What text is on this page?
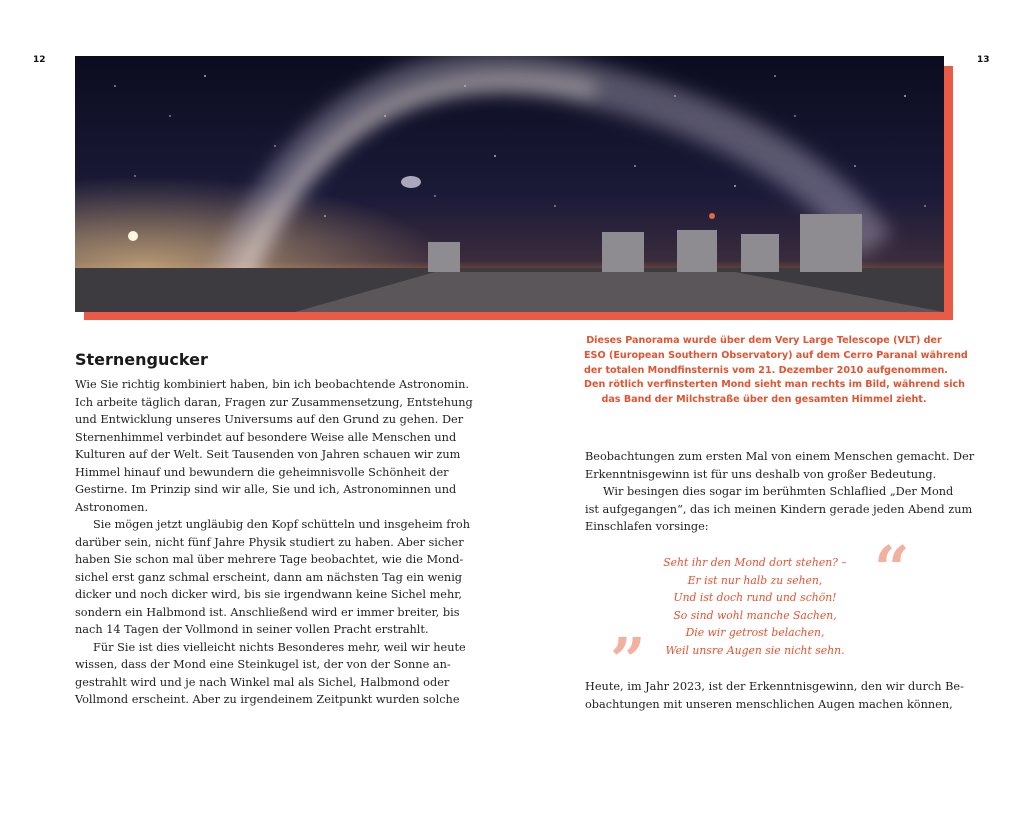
12	13
Dieses Panorama wurde über dem Very Large Telescope (VLT) der
ESO (European Southern Observatory) auf dem Cerro Paranal während
der totalen Mondfinsternis vom 21. Dezember 2010 aufgenommen.
Den rötlich verfinsterten Mond sieht man rechts im Bild, während sich
das Band der Milchstraße über den gesamten Himmel zieht.
Sternengucker
Wie Sie richtig kombiniert haben, bin ich beobachtende Astronomin.
Ich arbeite täglich daran, Fragen zur Zusammensetzung, Entstehung
und Entwicklung unseres Universums auf den Grund zu gehen. Der
Sternenhimmel verbindet auf besondere Weise alle Menschen und
Kulturen auf der Welt. Seit Tausenden von Jahren schauen wir zum
Himmel hinauf und bewundern die geheimnisvolle Schönheit der
Gestirne. Im Prinzip sind wir alle, Sie und ich, Astronominnen und
Astronomen.
Sie mögen jetzt ungläubig den Kopf schütteln und insgeheim froh
darüber sein, nicht fünf Jahre Physik studiert zu haben. Aber sicher
haben Sie schon mal über mehrere Tage beobachtet, wie die Mond-
sichel erst ganz schmal erscheint, dann am nächsten Tag ein wenig
dicker und noch dicker wird, bis sie irgendwann keine Sichel mehr,
sondern ein Halbmond ist. Anschließend wird er immer breiter, bis
nach 14 Tagen der Vollmond in seiner vollen Pracht erstrahlt.
Für Sie ist dies vielleicht nichts Besonderes mehr, weil wir heute
wissen, dass der Mond eine Steinkugel ist, der von der Sonne an-
gestrahlt wird und je nach Winkel mal als Sichel, Halbmond oder
Vollmond erscheint. Aber zu irgendeinem Zeitpunkt wurden solche
Beobachtungen zum ersten Mal von einem Menschen gemacht. Der
Erkenntnisgewinn ist für uns deshalb von großer Bedeutung.
Wir besingen dies sogar im berühmten Schlaflied „Der Mond
ist aufgegangen“, das ich meinen Kindern gerade jeden Abend zum
Einschlafen vorsinge:
“
Seht ihr den Mond dort stehen? –
Er ist nur halb zu sehen,
Und ist doch rund und schön!
So sind wohl manche Sachen,
Die wir getrost belachen,
Weil unsre Augen sie nicht sehn.
”
Heute, im Jahr 2023, ist der Erkenntnisgewinn, den wir durch Be-
obachtungen mit unseren menschlichen Augen machen können,
